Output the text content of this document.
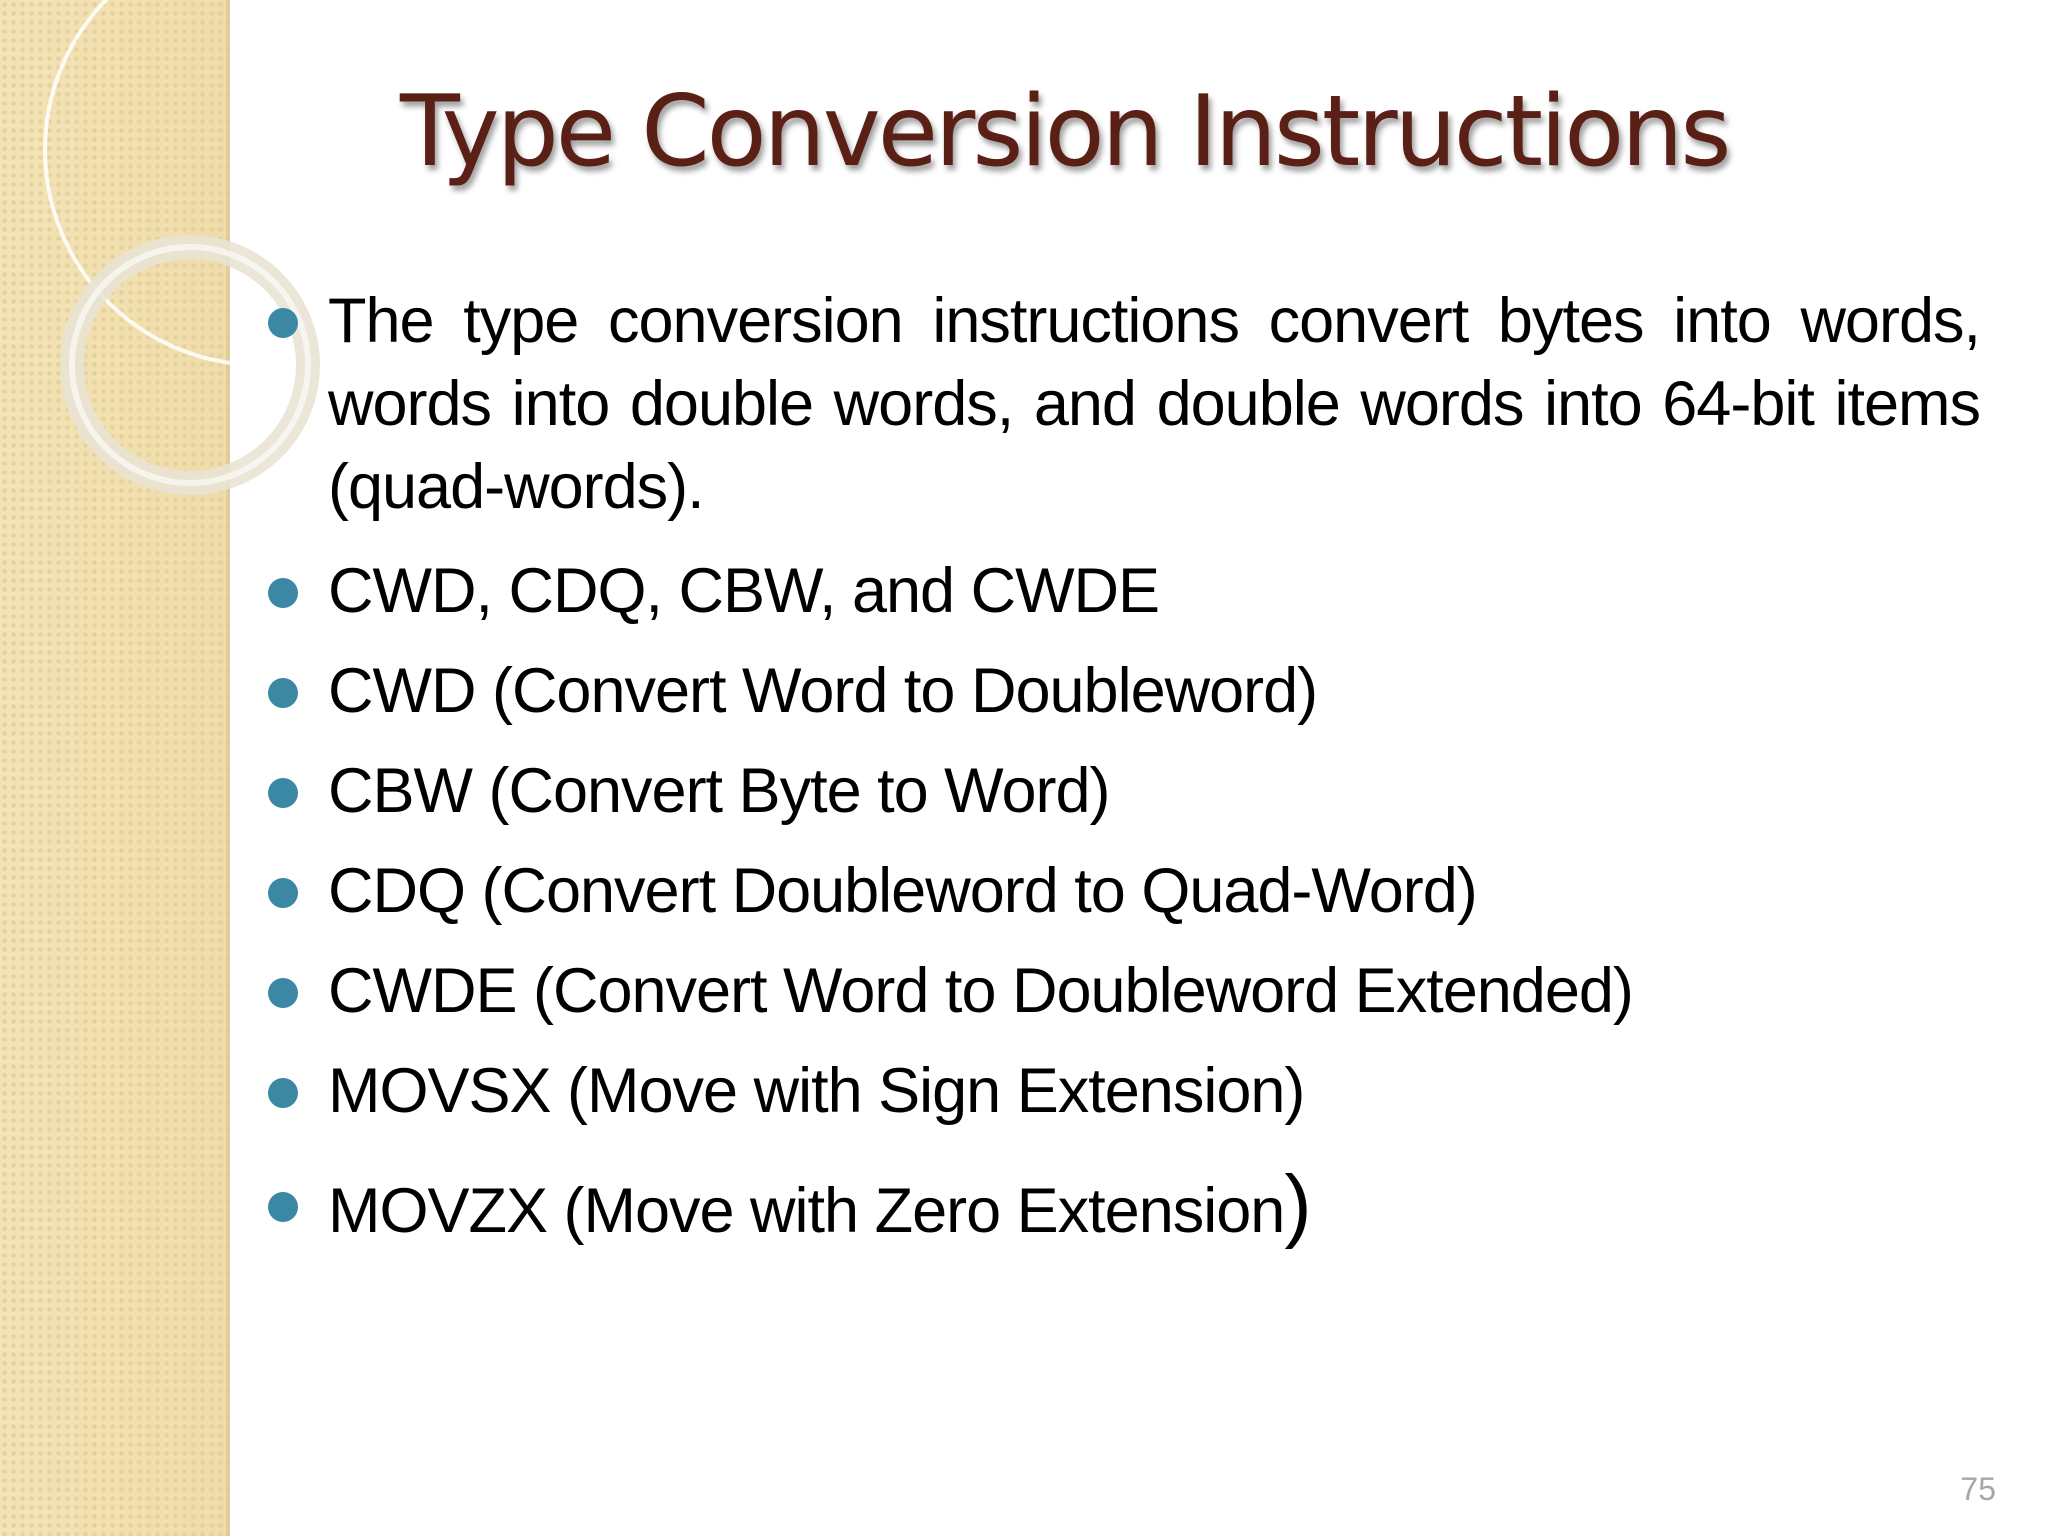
Type Conversion Instructions
The type conversion instructions convert bytes into words, words into double words, and double words into 64-bit items (quad-words).
CWD, CDQ, CBW, and CWDE
CWD (Convert Word to Doubleword)
CBW (Convert Byte to Word)
CDQ (Convert Doubleword to Quad-Word)
CWDE (Convert Word to Doubleword Extended)
MOVSX (Move with Sign Extension)
MOVZX (Move with Zero Extension)
75
